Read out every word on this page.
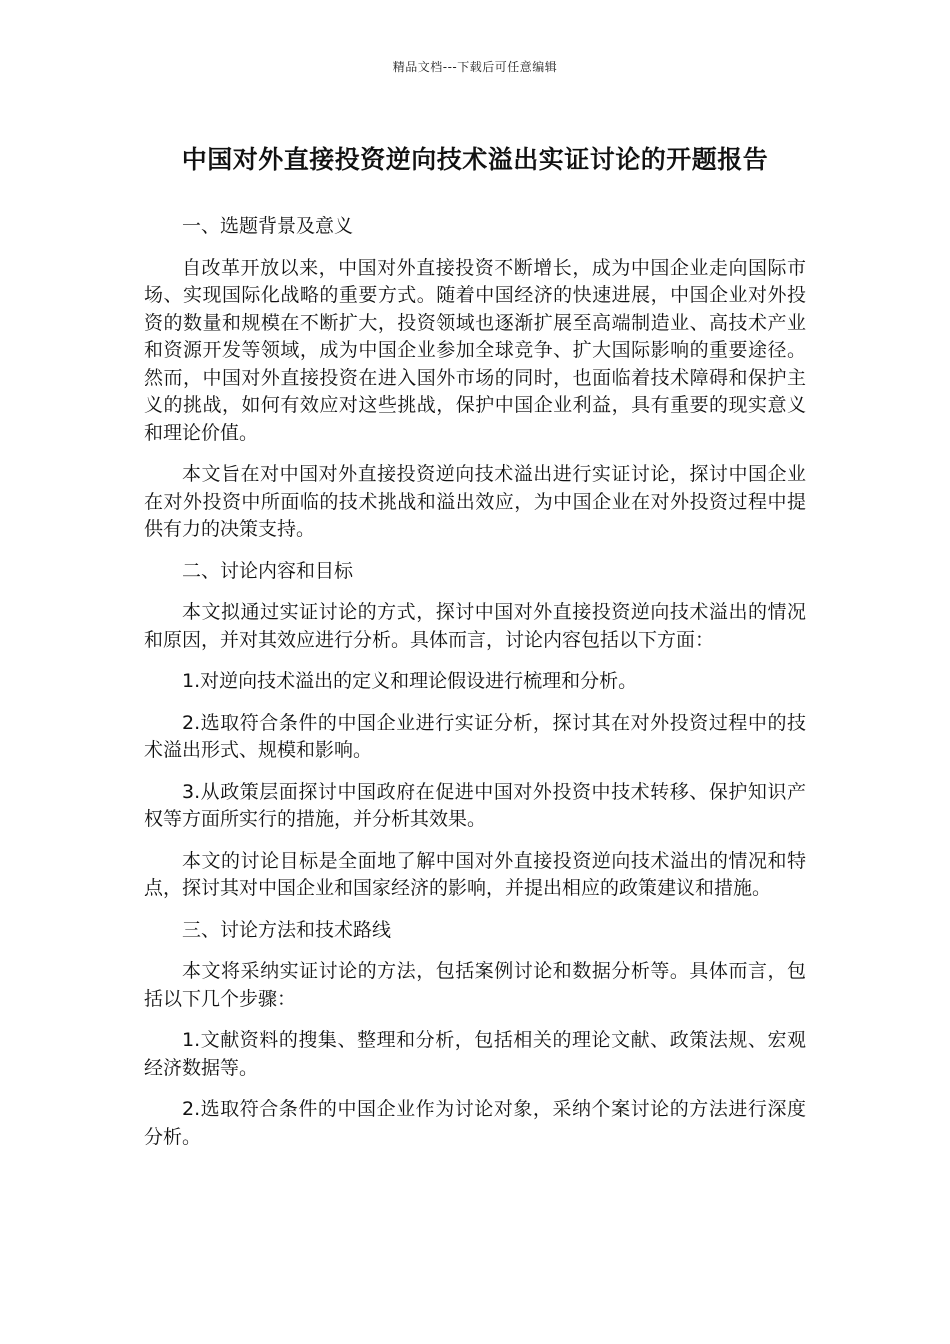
精品文档---下载后可任意编辑
中国对外直接投资逆向技术溢出实证讨论的开题报告

一、选题背景及意义

自改革开放以来，中国对外直接投资不断增长，成为中国企业走向国际市场、实现国际化战略的重要方式。随着中国经济的快速进展，中国企业对外投资的数量和规模在不断扩大，投资领域也逐渐扩展至高端制造业、高技术产业和资源开发等领域，成为中国企业参加全球竞争、扩大国际影响的重要途径。然而，中国对外直接投资在进入国外市场的同时，也面临着技术障碍和保护主义的挑战，如何有效应对这些挑战，保护中国企业利益，具有重要的现实意义和理论价值。

本文旨在对中国对外直接投资逆向技术溢出进行实证讨论，探讨中国企业在对外投资中所面临的技术挑战和溢出效应，为中国企业在对外投资过程中提供有力的决策支持。

二、讨论内容和目标

本文拟通过实证讨论的方式，探讨中国对外直接投资逆向技术溢出的情况和原因，并对其效应进行分析。具体而言，讨论内容包括以下方面：

1.对逆向技术溢出的定义和理论假设进行梳理和分析。

2.选取符合条件的中国企业进行实证分析，探讨其在对外投资过程中的技术溢出形式、规模和影响。

3.从政策层面探讨中国政府在促进中国对外投资中技术转移、保护知识产权等方面所实行的措施，并分析其效果。

本文的讨论目标是全面地了解中国对外直接投资逆向技术溢出的情况和特点，探讨其对中国企业和国家经济的影响，并提出相应的政策建议和措施。

三、讨论方法和技术路线

本文将采纳实证讨论的方法，包括案例讨论和数据分析等。具体而言，包括以下几个步骤：

1.文献资料的搜集、整理和分析，包括相关的理论文献、政策法规、宏观经济数据等。

2.选取符合条件的中国企业作为讨论对象，采纳个案讨论的方法进行深度分析。
